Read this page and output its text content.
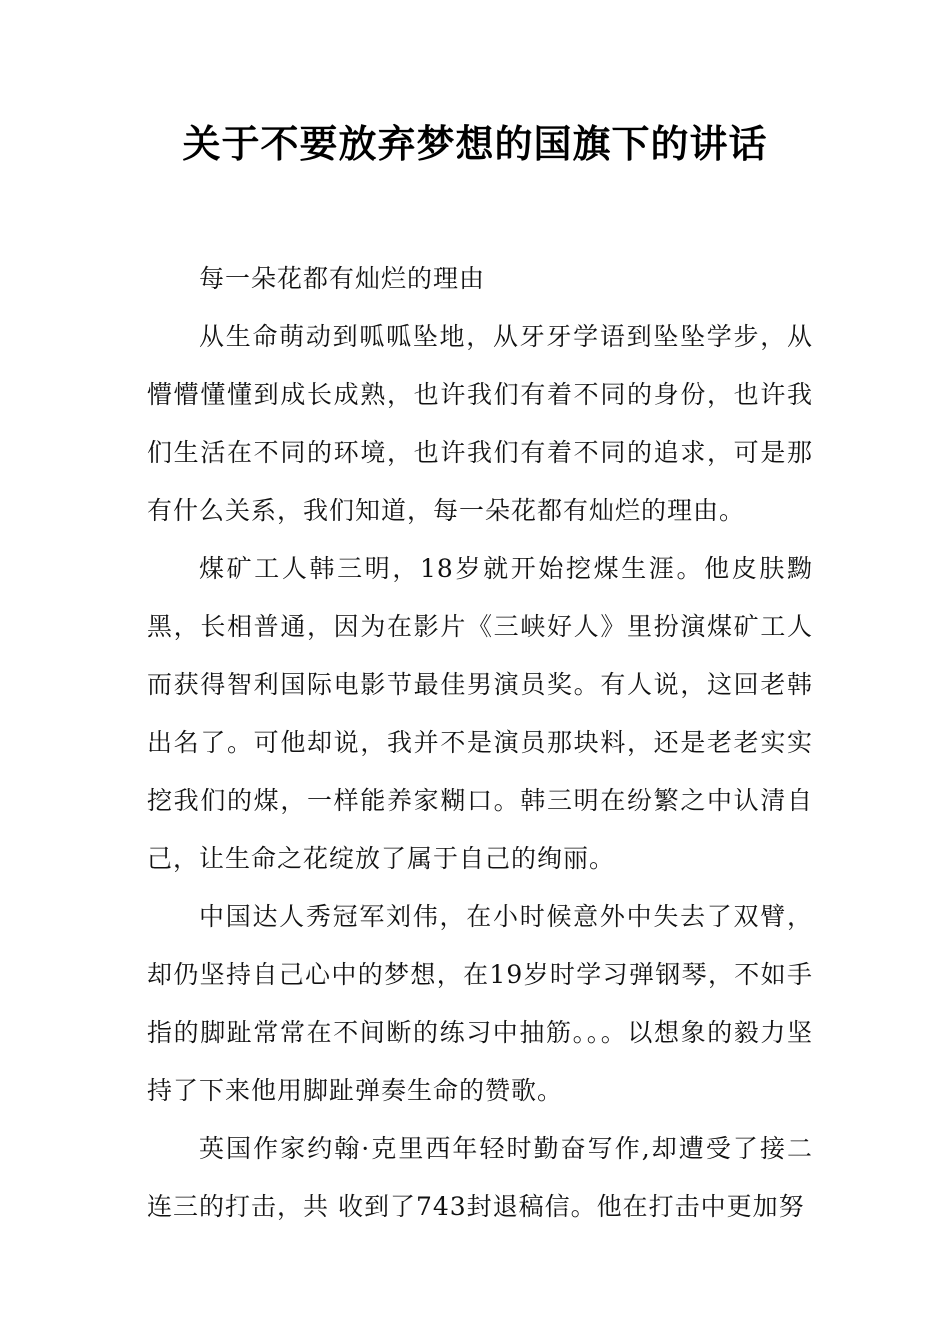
关于不要放弃梦想的国旗下的讲话

每一朵花都有灿烂的理由

从生命萌动到呱呱坠地，从牙牙学语到坠坠学步，从懵懵懂懂到成长成熟，也许我们有着不同的身份，也许我们生活在不同的环境，也许我们有着不同的追求，可是那有什么关系，我们知道，每一朵花都有灿烂的理由。

煤矿工人韩三明，18岁就开始挖煤生涯。他皮肤黝黑，长相普通，因为在影片《三峡好人》里扮演煤矿工人而获得智利国际电影节最佳男演员奖。有人说，这回老韩出名了。可他却说，我并不是演员那块料，还是老老实实挖我们的煤，一样能养家糊口。韩三明在纷繁之中认清自己，让生命之花绽放了属于自己的绚丽。

中国达人秀冠军刘伟，在小时候意外中失去了双臂，却仍坚持自己心中的梦想，在19岁时学习弹钢琴，不如手指的脚趾常常在不间断的练习中抽筋。。。以想象的毅力坚持了下来他用脚趾弹奏生命的赞歌。

英国作家约翰·克里西年轻时勤奋写作,却遭受了接二连三的打击，共 收到了743封退稿信。他在打击中更加努
